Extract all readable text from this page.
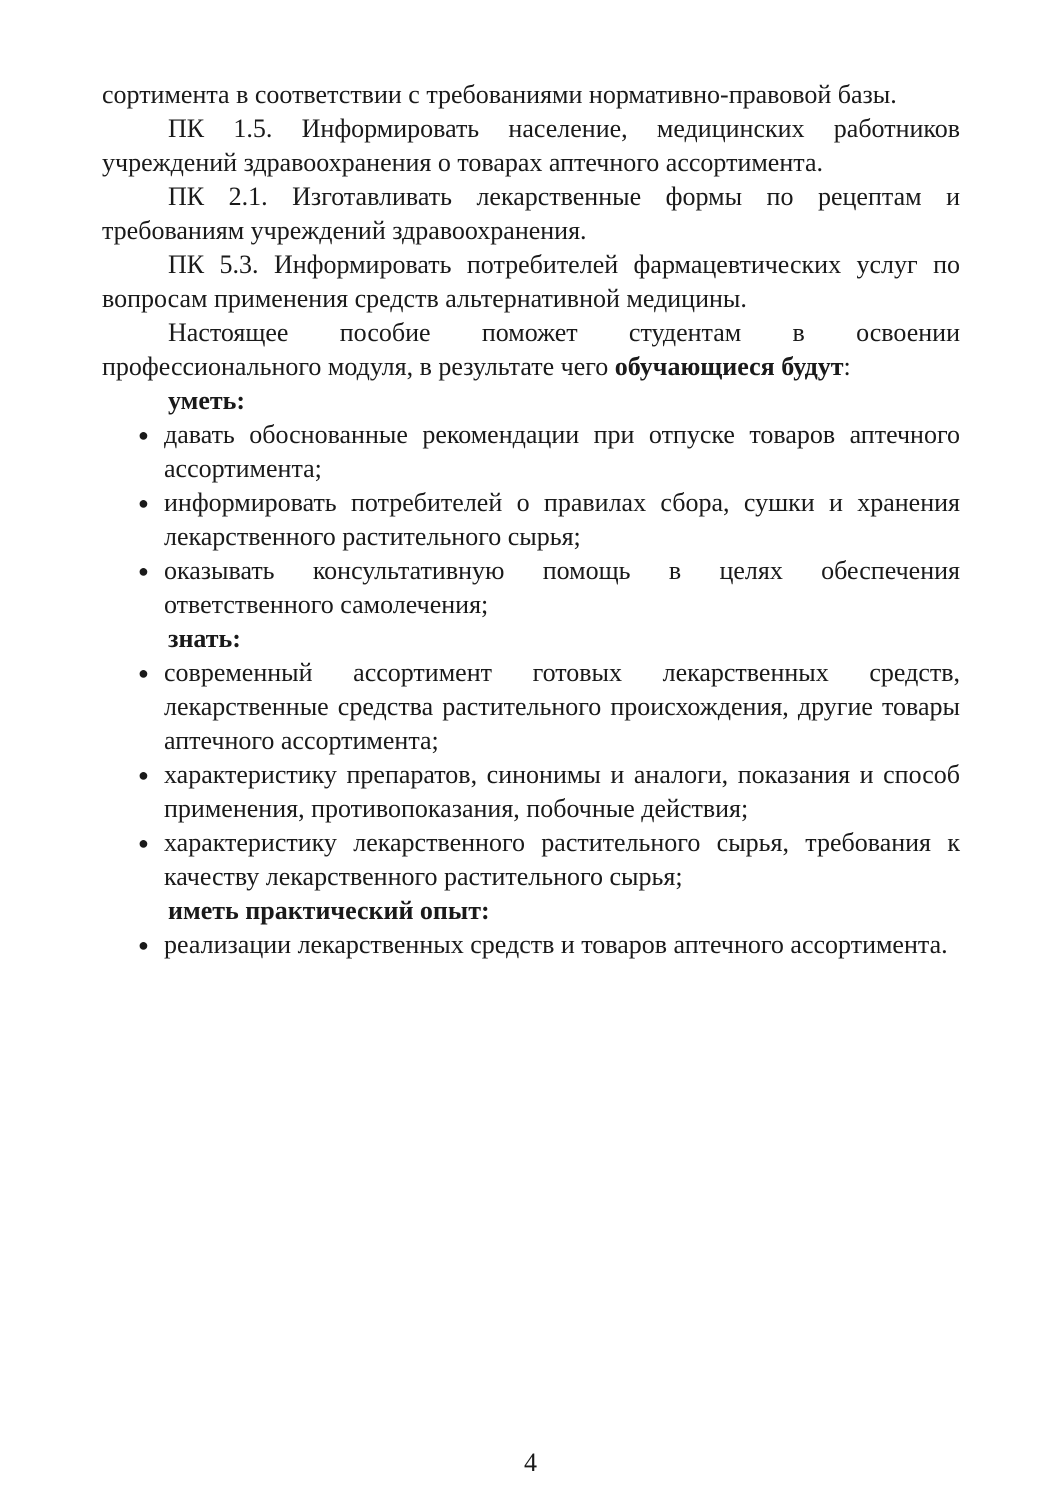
сортимента в соответствии с требованиями нормативно-правовой базы.

ПК 1.5. Информировать население, медицинских работников учреждений здравоохранения о товарах аптечного ассортимента.

ПК 2.1. Изготавливать лекарственные формы по рецептам и требованиям учреждений здравоохранения.

ПК 5.3. Информировать потребителей фармацевтических услуг по вопросам применения средств альтернативной медицины.

Настоящее пособие поможет студентам в освоении профессионального модуля, в результате чего обучающиеся будут:

уметь:

● давать обоснованные рекомендации при отпуске товаров аптечного ассортимента;
● информировать потребителей о правилах сбора, сушки и хранения лекарственного растительного сырья;
● оказывать консультативную помощь в целях обеспечения ответственного самолечения;

знать:

● современный ассортимент готовых лекарственных средств, лекарственные средства растительного происхождения, другие товары аптечного ассортимента;
● характеристику препаратов, синонимы и аналоги, показания и способ применения, противопоказания, побочные действия;
● характеристику лекарственного растительного сырья, требования к качеству лекарственного растительного сырья;

иметь практический опыт:

● реализации лекарственных средств и товаров аптечного ассортимента.
4
